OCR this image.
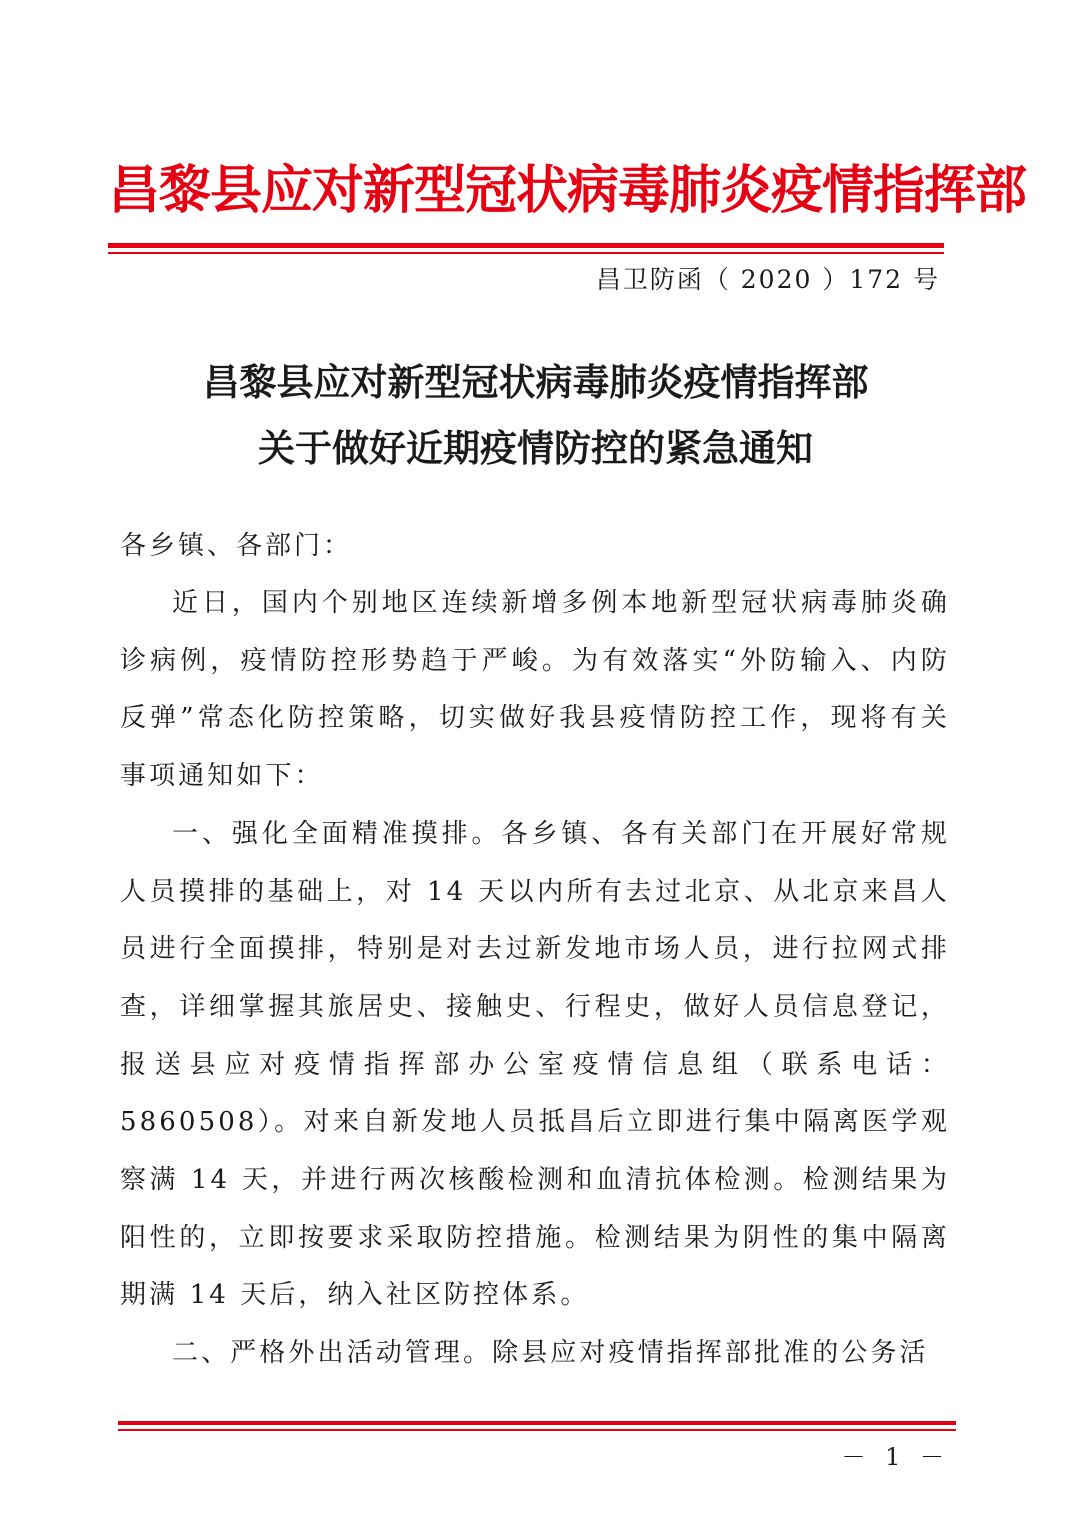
昌黎县应对新型冠状病毒肺炎疫情指挥部
昌卫防函（ 2020 ）172 号
昌黎县应对新型冠状病毒肺炎疫情指挥部
关于做好近期疫情防控的紧急通知
各乡镇、各部门：

近日，国内个别地区连续新增多例本地新型冠状病毒肺炎确诊病例，疫情防控形势趋于严峻。为有效落实“外防输入、内防反弹”常态化防控策略，切实做好我县疫情防控工作，现将有关事项通知如下：

一、强化全面精准摸排。各乡镇、各有关部门在开展好常规人员摸排的基础上，对 14 天以内所有去过北京、从北京来昌人员进行全面摸排，特别是对去过新发地市场人员，进行拉网式排查，详细掌握其旅居史、接触史、行程史，做好人员信息登记，报送县应对疫情指挥部办公室疫情信息组（联系电话：5860508）。对来自新发地人员抵昌后立即进行集中隔离医学观察满 14 天，并进行两次核酸检测和血清抗体检测。检测结果为阳性的，立即按要求采取防控措施。检测结果为阴性的集中隔离期满 14 天后，纳入社区防控体系。

二、严格外出活动管理。除县应对疫情指挥部批准的公务活

－ 1 －
